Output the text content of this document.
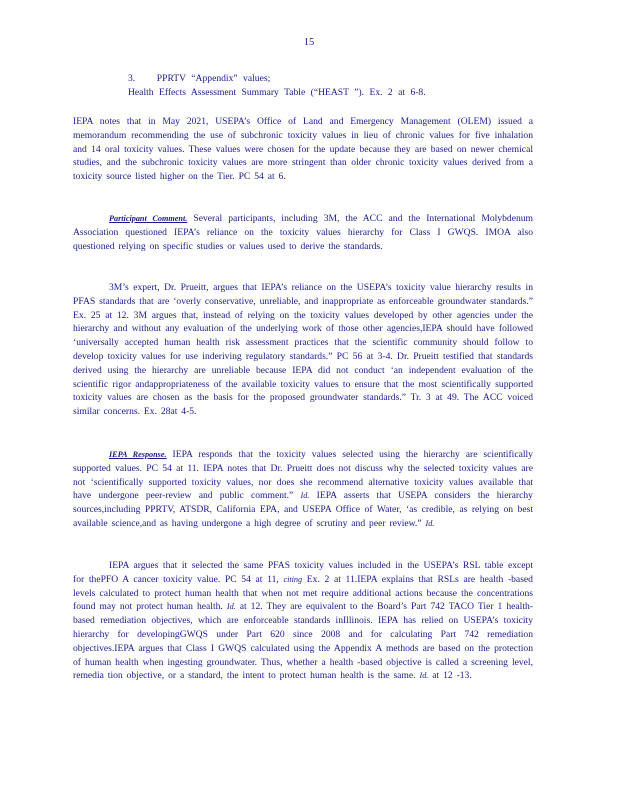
15
3. PPRTV “Appendix” values;
Health Effects Assessment Summary Table (“HEAST ”). Ex. 2 at 6-8.

IEPA notes that in May 2021, USEPA’s Office of Land and Emergency Management (OLEM) issued a memorandum recommending the use of subchronic toxicity values in lieu of chronic values for five inhalation and 14 oral toxicity values. These values were chosen for the update because they are based on newer chemical studies, and the subchronic toxicity values are more stringent than older chronic toxicity values derived from a toxicity source listed higher on the Tier. PC 54 at 6.

Participant Comment. Several participants, including 3M, the ACC and the International Molybdenum Association questioned IEPA’s reliance on the toxicity values hierarchy for Class I GWQS. IMOA also questioned relying on specific studies or values used to derive the standards.

3M’s expert, Dr. Prueitt, argues that IEPA’s reliance on the USEPA’s toxicity value hierarchy results in PFAS standards that are ‘overly conservative, unreliable, and inappropriate as enforceable groundwater standards.” Ex. 25 at 12. 3M argues that, instead of relying on the toxicity values developed by other agencies under the hierarchy and without any evaluation of the underlying work of those other agencies,IEPA should have followed ‘universally accepted human health risk assessment practices that the scientific community should follow to develop toxicity values for use inderiving regulatory standards.” PC 56 at 3-4. Dr. Prueitt testified that standards derived using the hierarchy are unreliable because IEPA did not conduct ‘an independent evaluation of the scientific rigor andappropriateness of the available toxicity values to ensure that the most scientifically supported toxicity values are chosen as the basis for the proposed groundwater standards.” Tr. 3 at 49. The ACC voiced similar concerns. Ex. 28at 4-5.

IEPA Response. IEPA responds that the toxicity values selected using the hierarchy are scientifically supported values. PC 54 at 11. IEPA notes that Dr. Prueitt does not discuss why the selected toxicity values are not ‘scientifically supported toxicity values, nor does she recommend alternative toxicity values available that have undergone peer-review and public comment.” Id. IEPA asserts that USEPA considers the hierarchy sources,including PPRTV, ATSDR, California EPA, and USEPA Office of Water, ‘as credible, as relying on best available science,and as having undergone a high degree of scrutiny and peer review.” Id.

IEPA argues that it selected the same PFAS toxicity values included in the USEPA’s RSL table except for thePFO A cancer toxicity value. PC 54 at 11, citing Ex. 2 at 11.IEPA explains that RSLs are health -based levels calculated to protect human health that when not met require additional actions because the concentrations found may not protect human health. Id. at 12. They are equivalent to the Board’s Part 742 TACO Tier 1 health- based remediation objectives, which are enforceable standards inIllinois. IEPA has relied on USEPA’s toxicity hierarchy for developingGWQS under Part 620 since 2008 and for calculating Part 742 remediation objectives.IEPA argues that Class I GWQS calculated using the Appendix A methods are based on the protection of human health when ingesting groundwater. Thus, whether a health -based objective is called a screening level, remedia tion objective, or a standard, the intent to protect human health is the same. Id. at 12 -13.
